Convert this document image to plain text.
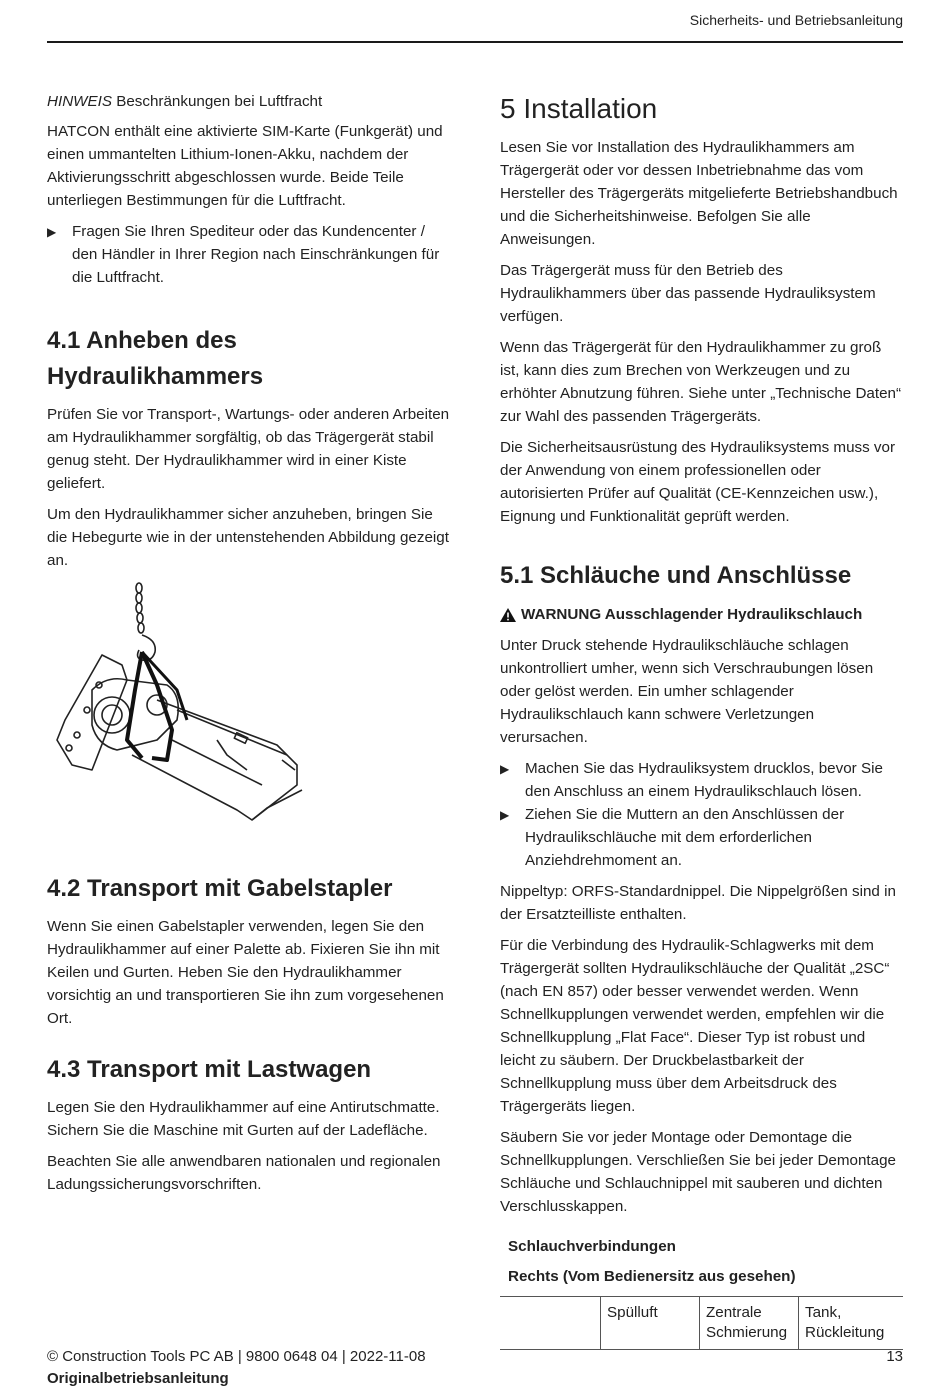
Sicherheits- und Betriebsanleitung

HINWEIS Beschränkungen bei Luftfracht

HATCON enthält eine aktivierte SIM-Karte (Funkgerät) und einen ummantelten Lithium-Ionen-Akku, nachdem der Aktivierungsschritt abgeschlossen wurde. Beide Teile unterliegen Bestimmungen für die Luftfracht.

▶	Fragen Sie Ihren Spediteur oder das Kundencenter / den Händler in Ihrer Region nach Einschränkungen für die Luftfracht.
4.1 Anheben des Hydraulikhammers

Prüfen Sie vor Transport-, Wartungs- oder anderen Arbeiten am Hydraulikhammer sorgfältig, ob das Trägergerät stabil genug steht. Der Hydraulikhammer wird in einer Kiste geliefert.

Um den Hydraulikhammer sicher anzuheben, bringen Sie die Hebegurte wie in der untenstehenden Abbildung gezeigt an.

4.2 Transport mit Gabelstapler

Wenn Sie einen Gabelstapler verwenden, legen Sie den Hydraulikhammer auf einer Palette ab. Fixieren Sie ihn mit Keilen und Gurten. Heben Sie den Hydraulikhammer vorsichtig an und transportieren Sie ihn zum vorgesehenen Ort.

4.3 Transport mit Lastwagen

Legen Sie den Hydraulikhammer auf eine Antirutschmatte. Sichern Sie die Maschine mit Gurten auf der Ladefläche.

Beachten Sie alle anwendbaren nationalen und regionalen Ladungssicherungsvorschriften.

5 Installation

Lesen Sie vor Installation des Hydraulikhammers am Trägergerät oder vor dessen Inbetriebnahme das vom Hersteller des Trägergeräts mitgelieferte Betriebshandbuch und die Sicherheitshinweise. Befolgen Sie alle Anweisungen.

Das Trägergerät muss für den Betrieb des Hydraulikhammers über das passende Hydrauliksystem verfügen.

Wenn das Trägergerät für den Hydraulikhammer zu groß ist, kann dies zum Brechen von Werkzeugen und zu erhöhter Abnutzung führen. Siehe unter „Technische Daten“ zur Wahl des passenden Trägergeräts.

Die Sicherheitsausrüstung des Hydrauliksystems muss vor der Anwendung von einem professionellen oder autorisierten Prüfer auf Qualität (CE-Kennzeichen usw.), Eignung und Funktionalität geprüft werden.

5.1 Schläuche und Anschlüsse
WARNUNG Ausschlagender Hydraulikschlauch

Unter Druck stehende Hydraulikschläuche schlagen unkontrolliert umher, wenn sich Verschraubungen lösen oder gelöst werden. Ein umher schlagender Hydraulikschlauch kann schwere Verletzungen verursachen.

▶	Machen Sie das Hydrauliksystem drucklos, bevor Sie den Anschluss an einem Hydraulikschlauch lösen.
▶	Ziehen Sie die Muttern an den Anschlüssen der Hydraulikschläuche mit dem erforderlichen Anziehdrehmoment an.

Nippeltyp: ORFS-Standardnippel. Die Nippelgrößen sind in der Ersatzteilliste enthalten.

Für die Verbindung des Hydraulik-Schlagwerks mit dem Trägergerät sollten Hydraulikschläuche der Qualität „2SC“ (nach EN 857) oder besser verwendet werden. Wenn Schnellkupplungen verwendet werden, empfehlen wir die Schnellkupplung „Flat Face“. Dieser Typ ist robust und leicht zu säubern. Der Druckbelastbarkeit der Schnellkupplung muss über dem Arbeitsdruck des Trägergeräts liegen.

Säubern Sie vor jeder Montage oder Demontage die Schnellkupplungen. Verschließen Sie bei jeder Demontage Schläuche und Schlauchnippel mit sauberen und dichten Verschlusskappen.

Schlauchverbindungen
Rechts (Vom Bedienersitz aus gesehen)
	Spülluft	Zentrale Schmierung	Tank, Rückleitung
© Construction Tools PC AB | 9800 0648 04 | 2022-11-08
Originalbetriebsanleitung
13
